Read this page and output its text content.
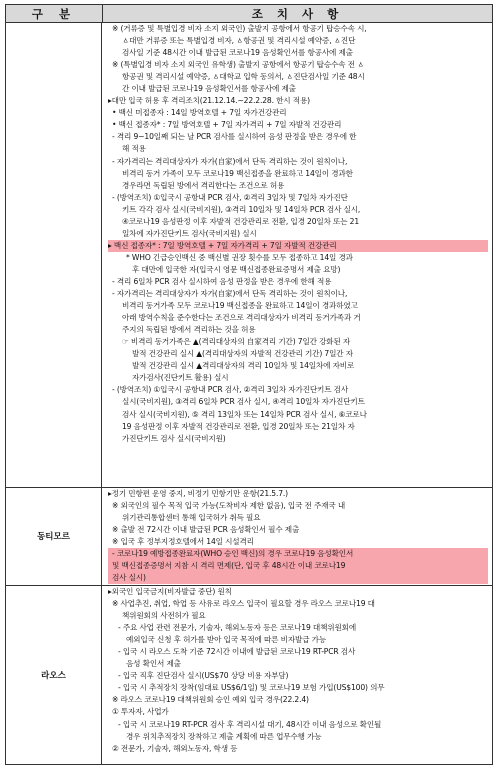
구 분	조 치 사 항
※ (거류증 및 특별입경 비자 소지 외국인) 출발지 공항에서 항공기 탑승수속 시,
ㅿ대만 거류증 또는 특별입경 비자, ㅿ항공권 및 격리시설 예약증, ㅿ진단
검사일 기준 48시간 이내 발급된 코로나19 음성확인서를 항공사에 제출
※ (특별입경 비자 소지 외국인 유학생) 출발지 공항에서 항공기 탑승수속 전 ㅿ
항공권 및 격리시설 예약증, ㅿ대학교 입학 동의서, ㅿ진단검사일 기준 48시
간 이내 발급된 코로나19 음성확인서를 항공사에 제출
▸대만 입국 허용 후 격리조치(21.12.14.~22.2.28. 한시 적용)
• 백신 미접종자 : 14일 방역호텔 + 7일 자가건강관리
• 백신 접종자* : 7일 방역호텔 + 7일 자가격리 + 7일 자발적 건강관리
- 격리 9~10일째 되는 날 PCR 검사를 실시하여 음성 판정을 받은 경우에 한
해 적용
- 자가격리는 격리대상자가 자가(自家)에서 단독 격리하는 것이 원칙이나,
비격리 동거 가족이 모두 코로나19 백신접종을 완료하고 14일이 경과한
경우라면 독립된 방에서 격리한다는 조건으로 허용
- (방역조치) ①입국시 공항내 PCR 검사, ②격리 3일차 및 7일차 자가진단
키트 각각 검사 실시(국비지원), ③격리 10일차 및 14일차 PCR 검사 실시,
④코로나19 음성판정 이후 자발적 건강관리로 전환, 입경 20일차 또는 21
일차에 자가진단키트 검사(국비지원) 실시
▸ 백신 접종자* : 7일 방역호텔 + 7일 자가격리 + 7일 자발적 건강관리
* WHO 긴급승인백신 중 백신별 권장 횟수를 모두 접종하고 14일 경과
후 대만에 입국한 자(입국시 영문 백신접종완료증명서 제출 요망)
- 격리 6일차 PCR 검사 실시하여 음성 판정을 받은 경우에 한해 적용
- 자가격리는 격리대상자가 자가(自家)에서 단독 격리하는 것이 원칙이나,
비격리 동거가족 모두 코로나19 백신접종을 완료하고 14일이 경과하였고
아래 방역수칙을 준수한다는 조건으로 격리대상자가 비격리 동거가족과 거
주지의 독립된 방에서 격리하는 것을 허용
☞ 비격리 동거가족은 ▲(격리대상자의 自家격리 기간) 7일간 강화된 자
발적 건강관리 실시 ▲(격리대상자의 자발적 건강관리 기간) 7일간 자
발적 건강관리 실시 ▲격리대상자의 격리 10일차 및 14일차에 자비로
자가검사(진단키트 활용) 실시
- (방역조치) ①입국시 공항내 PCR 검사, ②격리 3일차 자가진단키트 검사
실시(국비지원), ③격리 6일차 PCR 검사 실시, ④격리 10일차 자가진단키트
검사 실시(국비지원), ⑤ 격리 13일차 또는 14일차 PCR 검사 실시, ⑥코로나
19 음성판정 이후 자발적 건강관리로 전환, 입경 20일차 또는 21일차 자
가진단키트 검사 실시(국비지원)
동티모르
▸정기 민항편 운영 중지, 비정기 민항기만 운항(21.5.7.)
※ 외국인의 필수 목적 입국 가능(도착비자 제한 없음), 입국 전 주재국 내
위기관리통합센터 통해 입국허가 취득 필요
※ 출발 전 72시간 이내 발급된 PCR 음성확인서 필수 제출
※ 입국 후 정부지정호텔에서 14일 시설격리
- 코로나19 예방접종완료자(WHO 승인 백신)의 경우 코로나19 음성확인서
및 백신접종증명서 지참 시 격리 면제(단, 입국 후 48시간 이내 코로나19
검사 실시)
라오스
▸외국인 입국금지(비자발급 중단) 원칙
※ 사업추진, 취업, 학업 등 사유로 라오스 입국이 필요할 경우 라오스 코로나19 대
책위원회의 사전허가 필요
- 주요 사업 관련 전문가, 기술자, 해외노동자 등은 코로나19 대책위원회에
예외입국 신청 후 허가를 받아 입국 목적에 따른 비자발급 가능
- 입국 시 라오스 도착 기준 72시간 이내에 발급된 코로나19 RT-PCR 검사
음성 확인서 제출
- 입국 직후 진단검사 실시(US$70 상당 비용 자부담)
- 입국 시 추적장치 장착(임대료 US$6/1일) 및 코로나19 보험 가입(US$100) 의무
※ 라오스 코로나19 대책위원회 승인 예외 입국 경우(22.2.4)
① 투자자, 사업가
- 입국 시 코로나19 RT-PCR 검사 후 격리시설 대기, 48시간 이내 음성으로 확인될
경우 위치추적장치 장착하고 제출 계획에 따른 업무수행 가능
② 전문가, 기술자, 해외노동자, 학생 등
